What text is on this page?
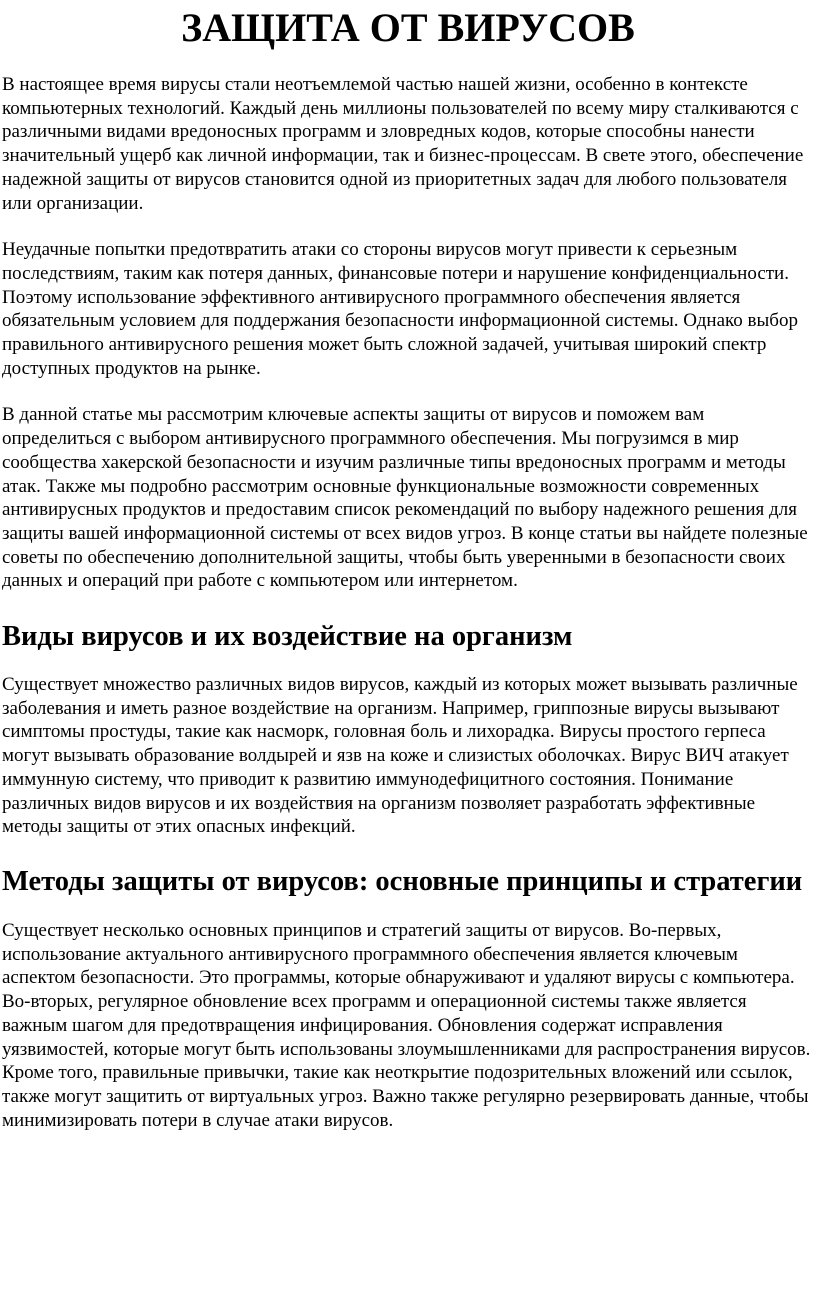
ЗАЩИТА ОТ ВИРУСОВ

В настоящее время вирусы стали неотъемлемой частью нашей жизни, особенно в контексте компьютерных технологий. Каждый день миллионы пользователей по всему миру сталкиваются с различными видами вредоносных программ и зловредных кодов, которые способны нанести значительный ущерб как личной информации, так и бизнес-процессам. В свете этого, обеспечение надежной защиты от вирусов становится одной из приоритетных задач для любого пользователя или организации.

Неудачные попытки предотвратить атаки со стороны вирусов могут привести к серьезным последствиям, таким как потеря данных, финансовые потери и нарушение конфиденциальности. Поэтому использование эффективного антивирусного программного обеспечения является обязательным условием для поддержания безопасности информационной системы. Однако выбор правильного антивирусного решения может быть сложной задачей, учитывая широкий спектр доступных продуктов на рынке.

В данной статье мы рассмотрим ключевые аспекты защиты от вирусов и поможем вам определиться с выбором антивирусного программного обеспечения. Мы погрузимся в мир сообщества хакерской безопасности и изучим различные типы вредоносных программ и методы атак. Также мы подробно рассмотрим основные функциональные возможности современных антивирусных продуктов и предоставим список рекомендаций по выбору надежного решения для защиты вашей информационной системы от всех видов угроз. В конце статьи вы найдете полезные советы по обеспечению дополнительной защиты, чтобы быть уверенными в безопасности своих данных и операций при работе с компьютером или интернетом.

Виды вирусов и их воздействие на организм

Существует множество различных видов вирусов, каждый из которых может вызывать различные заболевания и иметь разное воздействие на организм. Например, гриппозные вирусы вызывают симптомы простуды, такие как насморк, головная боль и лихорадка. Вирусы простого герпеса могут вызывать образование волдырей и язв на коже и слизистых оболочках. Вирус ВИЧ атакует иммунную систему, что приводит к развитию иммунодефицитного состояния. Понимание различных видов вирусов и их воздействия на организм позволяет разработать эффективные методы защиты от этих опасных инфекций.

Методы защиты от вирусов: основные принципы и стратегии

Существует несколько основных принципов и стратегий защиты от вирусов. Во-первых, использование актуального антивирусного программного обеспечения является ключевым аспектом безопасности. Это программы, которые обнаруживают и удаляют вирусы с компьютера. Во-вторых, регулярное обновление всех программ и операционной системы также является важным шагом для предотвращения инфицирования. Обновления содержат исправления уязвимостей, которые могут быть использованы злоумышленниками для распространения вирусов. Кроме того, правильные привычки, такие как неоткрытие подозрительных вложений или ссылок, также могут защитить от виртуальных угроз. Важно также регулярно резервировать данные, чтобы минимизировать потери в случае атаки вирусов.
